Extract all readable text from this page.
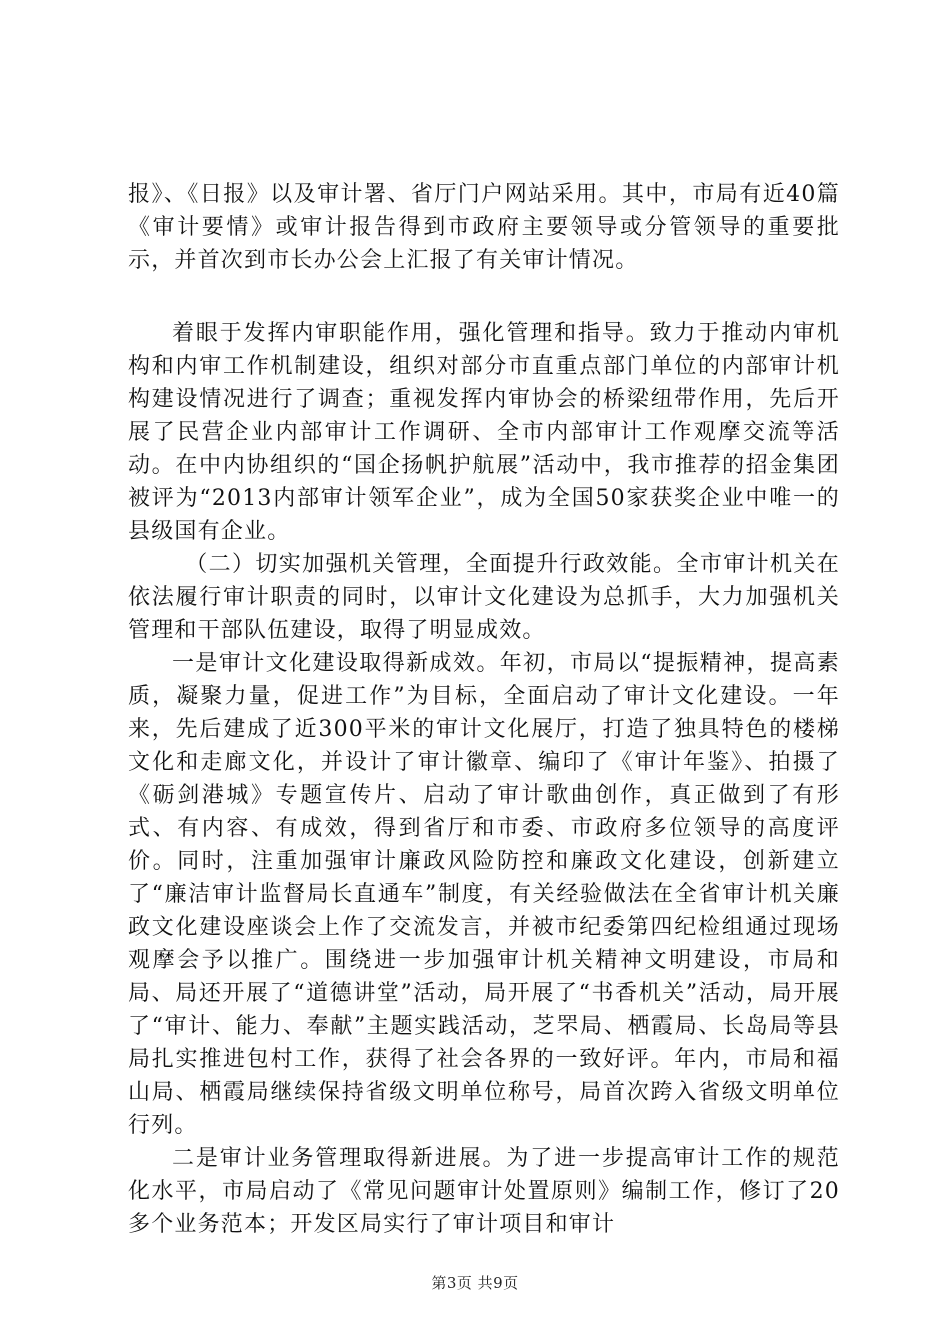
报》、《日报》以及审计署、省厅门户网站采用。其中，市局有近40篇《审计要情》或审计报告得到市政府主要领导或分管领导的重要批示，并首次到市长办公会上汇报了有关审计情况。

着眼于发挥内审职能作用，强化管理和指导。致力于推动内审机构和内审工作机制建设，组织对部分市直重点部门单位的内部审计机构建设情况进行了调查；重视发挥内审协会的桥梁纽带作用，先后开展了民营企业内部审计工作调研、全市内部审计工作观摩交流等活动。在中内协组织的“国企扬帆护航展”活动中，我市推荐的招金集团被评为“2013内部审计领军企业”，成为全国50家获奖企业中唯一的县级国有企业。

（二）切实加强机关管理，全面提升行政效能。全市审计机关在依法履行审计职责的同时，以审计文化建设为总抓手，大力加强机关管理和干部队伍建设，取得了明显成效。

一是审计文化建设取得新成效。年初，市局以“提振精神，提高素质，凝聚力量，促进工作”为目标，全面启动了审计文化建设。一年来，先后建成了近300平米的审计文化展厅，打造了独具特色的楼梯文化和走廊文化，并设计了审计徽章、编印了《审计年鉴》、拍摄了《砺剑港城》专题宣传片、启动了审计歌曲创作，真正做到了有形式、有内容、有成效，得到省厅和市委、市政府多位领导的高度评价。同时，注重加强审计廉政风险防控和廉政文化建设，创新建立了“廉洁审计监督局长直通车”制度，有关经验做法在全省审计机关廉政文化建设座谈会上作了交流发言，并被市纪委第四纪检组通过现场观摩会予以推广。围绕进一步加强审计机关精神文明建设，市局和局、局还开展了“道德讲堂”活动，局开展了“书香机关”活动，局开展了“审计、能力、奉献”主题实践活动，芝罘局、栖霞局、长岛局等县局扎实推进包村工作，获得了社会各界的一致好评。年内，市局和福山局、栖霞局继续保持省级文明单位称号，局首次跨入省级文明单位行列。

二是审计业务管理取得新进展。为了进一步提高审计工作的规范化水平，市局启动了《常见问题审计处置原则》编制工作，修订了20多个业务范本；开发区局实行了审计项目和审计

第3页 共9页
